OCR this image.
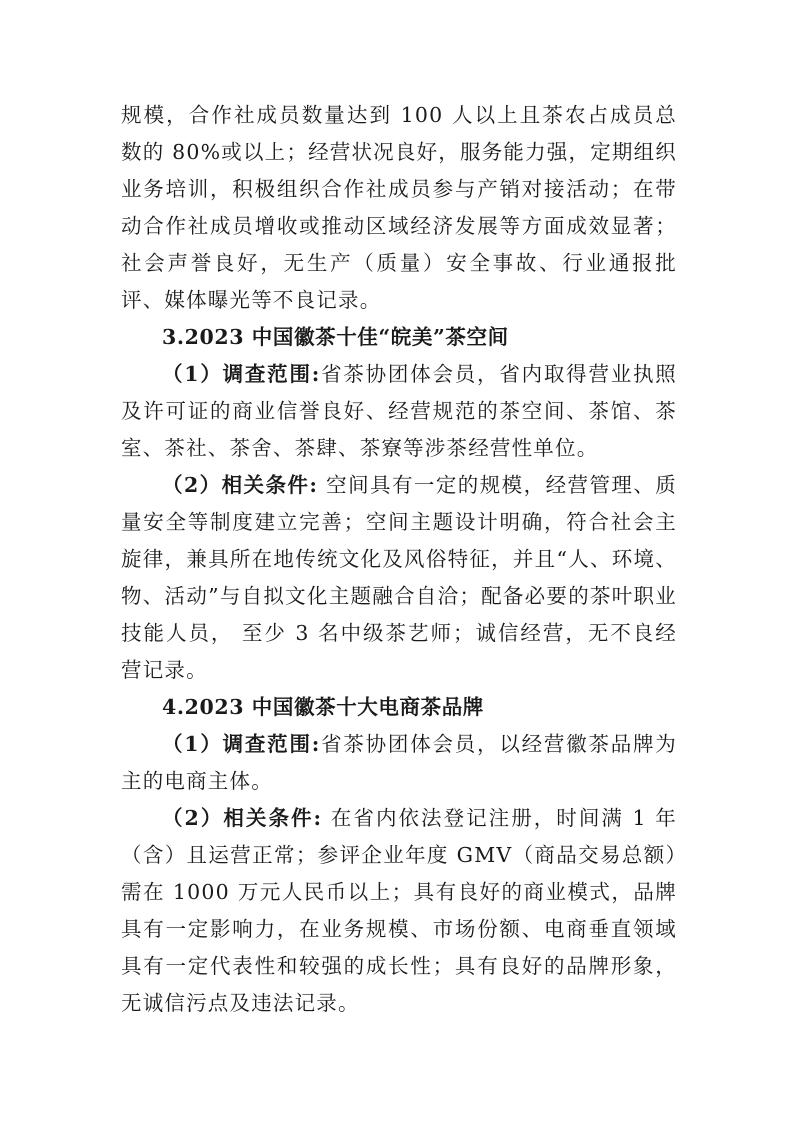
规模，合作社成员数量达到 100 人以上且茶农占成员总数的 80%或以上；经营状况良好，服务能力强，定期组织业务培训，积极组织合作社成员参与产销对接活动；在带动合作社成员增收或推动区域经济发展等方面成效显著；社会声誉良好，无生产（质量）安全事故、行业通报批评、媒体曝光等不良记录。

3.2023 中国徽茶十佳“皖美”茶空间

（1）调查范围:省茶协团体会员，省内取得营业执照及许可证的商业信誉良好、经营规范的茶空间、茶馆、茶室、茶社、茶舍、茶肆、茶寮等涉茶经营性单位。

（2）相关条件: 空间具有一定的规模，经营管理、质量安全等制度建立完善；空间主题设计明确，符合社会主旋律，兼具所在地传统文化及风俗特征，并且“人、环境、物、活动”与自拟文化主题融合自洽；配备必要的茶叶职业技能人员， 至少 3 名中级茶艺师；诚信经营，无不良经营记录。

4.2023 中国徽茶十大电商茶品牌

（1）调查范围:省茶协团体会员，以经营徽茶品牌为主的电商主体。

（2）相关条件: 在省内依法登记注册，时间满 1 年（含）且运营正常；参评企业年度 GMV（商品交易总额）需在 1000 万元人民币以上；具有良好的商业模式，品牌具有一定影响力，在业务规模、市场份额、电商垂直领域具有一定代表性和较强的成长性；具有良好的品牌形象，无诚信污点及违法记录。
